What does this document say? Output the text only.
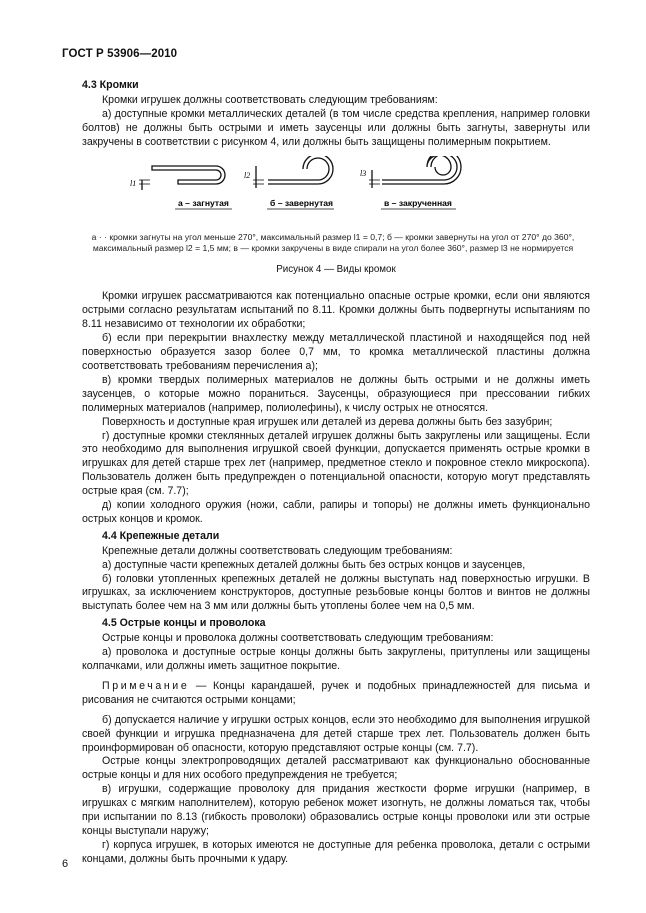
ГОСТ Р 53906—2010

4.3 Кромки

Кромки игрушек должны соответствовать следующим требованиям:

а) доступные кромки металлических деталей (в том числе средства крепления, например головки болтов) не должны быть острыми и иметь заусенцы или должны быть загнуты, завернуты или закручены в соответствии с рисунком 4, или должны быть защищены полимерным покрытием.

l1
l2	l3
а – загнутая	б – завернутая	в – закрученная

а · · кромки загнуты на угол меньше 270°, максимальный размер l1 = 0,7; б — кромки завернуты на угол от 270° до 360°, максимальный размер l2 = 1,5 мм; в — кромки закручены в виде спирали на угол более 360°, размер l3 не нормируется

Рисунок 4 — Виды кромок

Кромки игрушек рассматриваются как потенциально опасные острые кромки, если они являются острыми согласно результатам испытаний по 8.11. Кромки должны быть подвергнуты испытаниям по 8.11 независимо от технологии их обработки;

б) если при перекрытии внахлестку между металлической пластиной и находящейся под ней поверхностью образуется зазор более 0,7 мм, то кромка металлической пластины должна соответствовать требованиям перечисления а);

в) кромки твердых полимерных материалов не должны быть острыми и не должны иметь заусенцев, о которые можно пораниться. Заусенцы, образующиеся при прессовании гибких полимерных материалов (например, полиолефины), к числу острых не относятся.

Поверхность и доступные края игрушек или деталей из дерева должны быть без зазубрин;

г) доступные кромки стеклянных деталей игрушек должны быть закруглены или защищены. Если это необходимо для выполнения игрушкой своей функции, допускается применять острые кромки в игрушках для детей старше трех лет (например, предметное стекло и покровное стекло микроскопа). Пользователь должен быть предупрежден о потенциальной опасности, которую могут представлять острые края (см. 7.7);

д) копии холодного оружия (ножи, сабли, рапиры и топоры) не должны иметь функционально острых концов и кромок.

4.4 Крепежные детали

Крепежные детали должны соответствовать следующим требованиям:

а) доступные части крепежных деталей должны быть без острых концов и заусенцев,

б) головки утопленных крепежных деталей не должны выступать над поверхностью игрушки. В игрушках, за исключением конструкторов, доступные резьбовые концы болтов и винтов не должны выступать более чем на 3 мм или должны быть утоплены более чем на 0,5 мм.

4.5 Острые концы и проволока

Острые концы и проволока должны соответствовать следующим требованиям:

а) проволока и доступные острые концы должны быть закруглены, притуплены или защищены колпачками, или должны иметь защитное покрытие.

Примечание — Концы карандашей, ручек и подобных принадлежностей для письма и рисования не считаются острыми концами;

б) допускается наличие у игрушки острых концов, если это необходимо для выполнения игрушкой своей функции и игрушка предназначена для детей старше трех лет. Пользователь должен быть проинформирован об опасности, которую представляют острые концы (см. 7.7).

Острые концы электропроводящих деталей рассматривают как функционально обоснованные острые концы и для них особого предупреждения не требуется;

в) игрушки, содержащие проволоку для придания жесткости форме игрушки (например, в игрушках с мягким наполнителем), которую ребенок может изогнуть, не должны ломаться так, чтобы при испытании по 8.13 (гибкость проволоки) образовались острые концы проволоки или эти острые концы выступали наружу;

г) корпуса игрушек, в которых имеются не доступные для ребенка проволока, детали с острыми концами, должны быть прочными к удару.

6
